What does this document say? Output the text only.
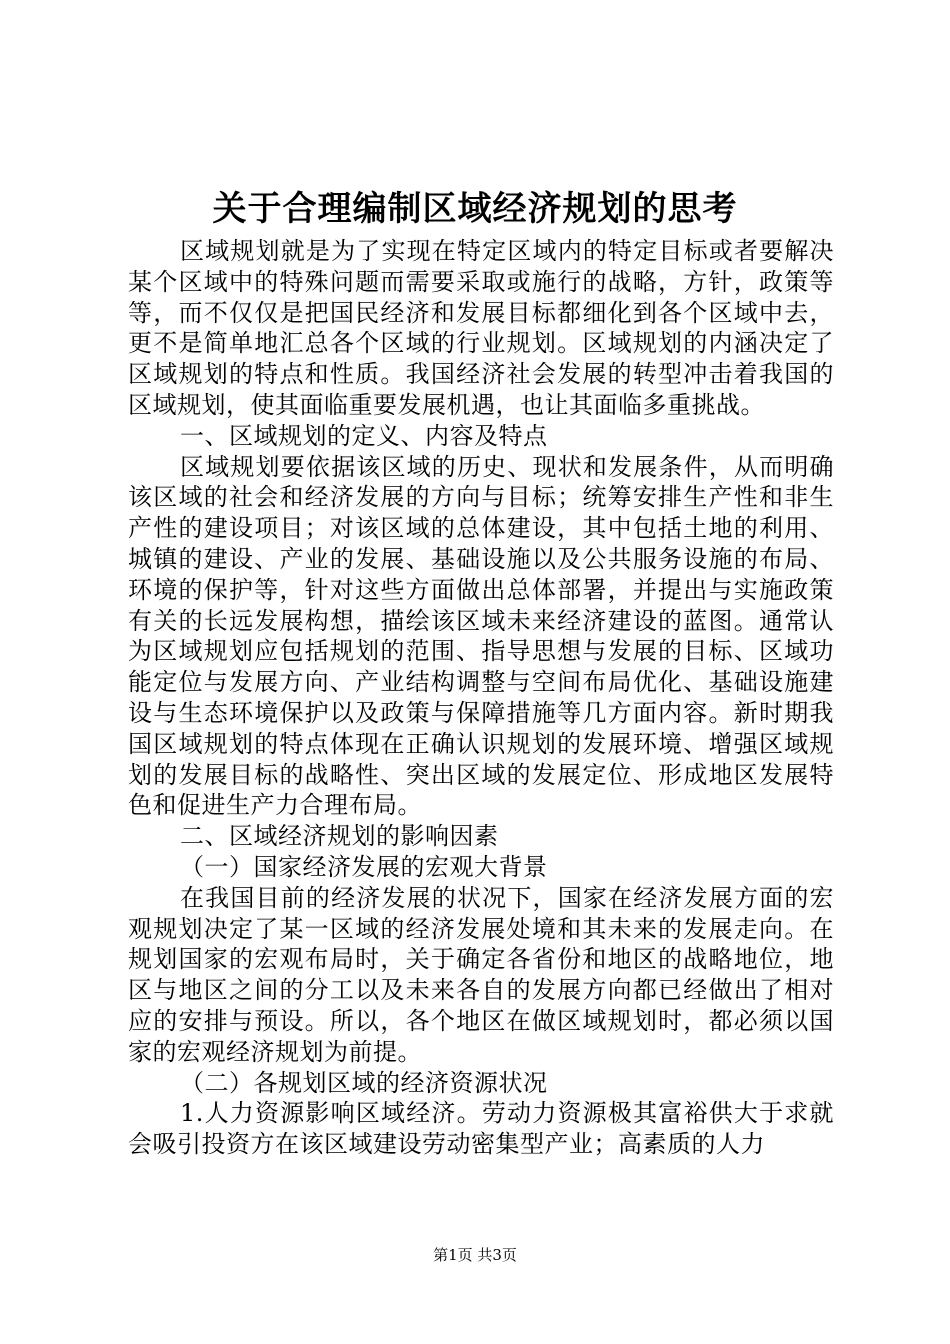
关于合理编制区域经济规划的思考

区域规划就是为了实现在特定区域内的特定目标或者要解决某个区域中的特殊问题而需要采取或施行的战略，方针，政策等等，而不仅仅是把国民经济和发展目标都细化到各个区域中去，更不是简单地汇总各个区域的行业规划。区域规划的内涵决定了区域规划的特点和性质。我国经济社会发展的转型冲击着我国的区域规划，使其面临重要发展机遇，也让其面临多重挑战。

一、区域规划的定义、内容及特点

区域规划要依据该区域的历史、现状和发展条件，从而明确该区域的社会和经济发展的方向与目标；统筹安排生产性和非生产性的建设项目；对该区域的总体建设，其中包括土地的利用、城镇的建设、产业的发展、基础设施以及公共服务设施的布局、环境的保护等，针对这些方面做出总体部署，并提出与实施政策有关的长远发展构想，描绘该区域未来经济建设的蓝图。通常认为区域规划应包括规划的范围、指导思想与发展的目标、区域功能定位与发展方向、产业结构调整与空间布局优化、基础设施建设与生态环境保护以及政策与保障措施等几方面内容。新时期我国区域规划的特点体现在正确认识规划的发展环境、增强区域规划的发展目标的战略性、突出区域的发展定位、形成地区发展特色和促进生产力合理布局。

二、区域经济规划的影响因素

（一）国家经济发展的宏观大背景

在我国目前的经济发展的状况下，国家在经济发展方面的宏观规划决定了某一区域的经济发展处境和其未来的发展走向。在规划国家的宏观布局时，关于确定各省份和地区的战略地位，地区与地区之间的分工以及未来各自的发展方向都已经做出了相对应的安排与预设。所以，各个地区在做区域规划时，都必须以国家的宏观经济规划为前提。

（二）各规划区域的经济资源状况

1.人力资源影响区域经济。劳动力资源极其富裕供大于求就会吸引投资方在该区域建设劳动密集型产业；高素质的人力

第1页 共3页
